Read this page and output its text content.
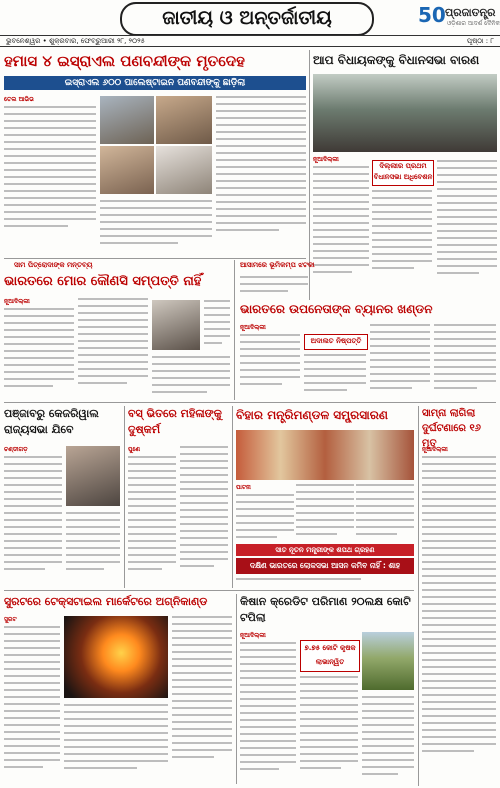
ଜାତୀୟ ଓ ଅନ୍ତର୍ଜାତୀୟ	50 ପ୍ରଜାତନ୍ତ୍ର
ଓଡ଼ିଶାର ଆଦର୍ଶ ଦୈନିକ
ଭୁବନେଶ୍ୱର • ଶୁକ୍ରବାର, ଫେବ୍ରୁଆରୀ ୨୮, ୨୦୨୫	ପୃଷ୍ଠା : ୮
ହମାସ ୪ ଇସ୍ରାଏଲ ପଣବନ୍ଦୀଙ୍କ ମୃତଦେହ
ଇସ୍ରାଏଲ ୬୦୦ ପାଲେଷ୍ଟାଇନ ପଣବନ୍ଦୀଙ୍କୁ ଛାଡ଼ିଲା
ତେଲ ଆଭିଭ
ଆପ ବିଧାୟକଙ୍କୁ ବିଧାନସଭା ବାରଣ
ନୂଆଦିଲ୍ଲୀ
ଦିଲ୍ଲୀର ପ୍ରଥମ ବିଧାନସଭା ଅଧିବେଶନ
ସାମ ପିତ୍ରୋଦାଙ୍କ ମନ୍ତବ୍ୟ
ଭାରତରେ ମୋର କୌଣସି ସମ୍ପତ୍ତି ନାହିଁ
ନୂଆଦିଲ୍ଲୀ
ଆସାମରେ ଭୂମିକମ୍ପ ଝଟକା
ଭାରତରେ ଉପନେତାଙ୍କ ବ୍ୟାନର ଖଣ୍ଡନ
ନୂଆଦିଲ୍ଲୀ
ଅଦାଲତ ନିଷ୍ପତ୍ତି
ପଞ୍ଜାବରୁ କେଜରିୱାଲ ରାଜ୍ୟସଭା ଯିବେ
ଚଣ୍ଡୀଗଡ଼
ବସ୍ ଭିତରେ ମହିଳାଙ୍କୁ ଦୁଷ୍କର୍ମ
ପୁଣେ
ବିହାର ମନ୍ତ୍ରିମଣ୍ଡଳ ସମ୍ପ୍ରସାରଣ
ପାଟନା
ସାତ ନୂତନ ମନ୍ତ୍ରୀଙ୍କ ଶପଥ ଗ୍ରହଣ
ଦକ୍ଷିଣ ଭାରତରେ ଲୋକସଭା ଆସନ କମିବ ନାହିଁ : ଶାହ
ସାମ୍ନା ଲାଗିଲା ଦୁର୍ଘଟଣାରେ ୧୬ ମୃତ
ନୂଆଦିଲ୍ଲୀ
ସୁରଟରେ ଟେକ୍ସଟାଇଲ ମାର୍କେଟରେ ଅଗ୍ନିକାଣ୍ଡ
ସୁରଟ
କିଷାନ କ୍ରେଡିଟ ପରିମାଣ ୨୦ଲକ୍ଷ କୋଟି ଟପିଲା
ନୂଆଦିଲ୍ଲୀ
୭.୭୫ କୋଟି କୃଷକ ଲାଭାନ୍ୱିତ
